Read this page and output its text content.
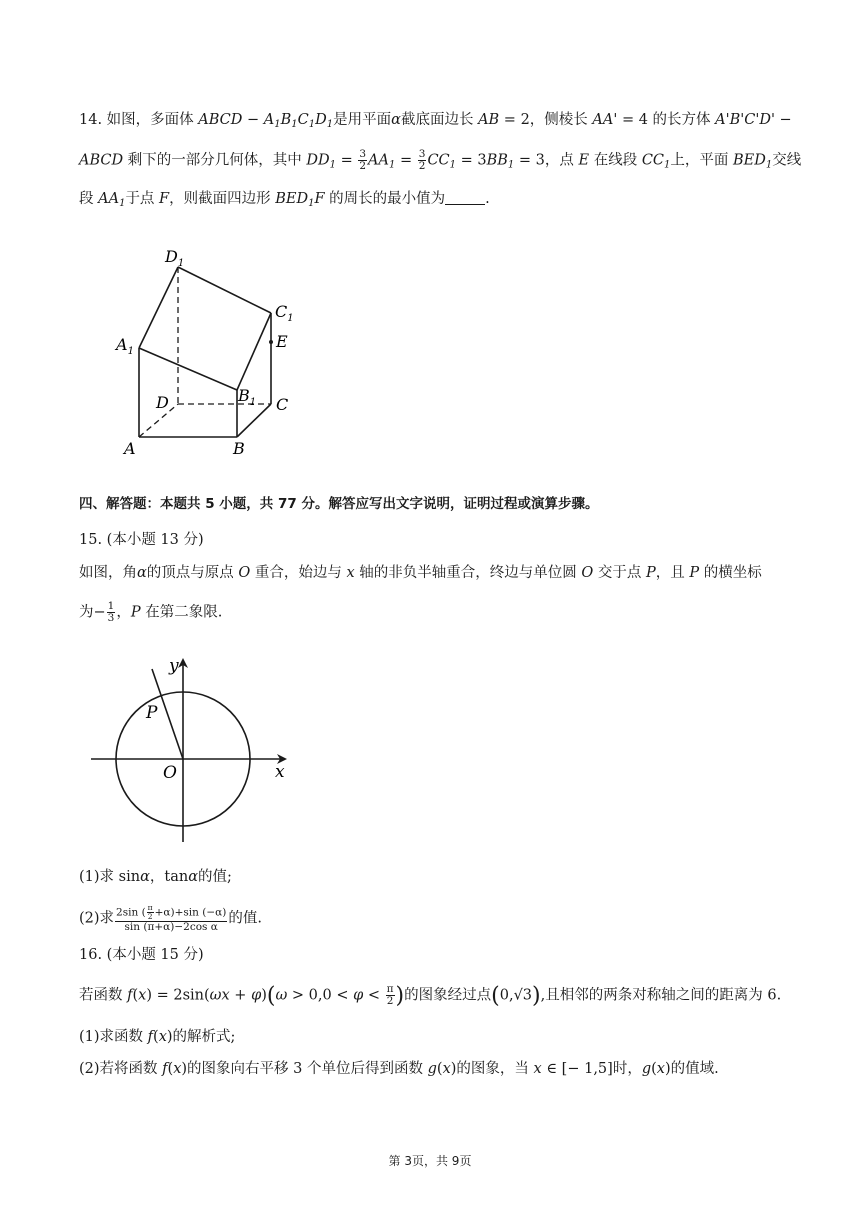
14. 如图，多面体 ABCD − $A_1B_1C_1D_1$是用平面α截底面边长 AB = 2，侧棱长 AA' = 4 的长方体 A'B'C'D' −
ABCD 剩下的一部分几何体，其中 $DD_1 = \frac{3}{2} AA_1 = \frac{3}{2} CC_1 = 3BB_1 = 3$，点 E 在线段 $CC_1$上，平面 $BED_1$交线
段 $AA_1$于点 F，则截面四边形 $BED_1F$ 的周长的最小值为	.
$D_1$
$C_1$
E
$A_1$
D	$B_1$ C
A	B
四、解答题：本题共 5 小题，共 77 分。解答应写出文字说明，证明过程或演算步骤。
15. (本小题 13 分)
如图，角α的顶点与原点 O 重合，始边与 x 轴的非负半轴重合，终边与单位圆 O 交于点 P，且 P 的横坐标
为− $\frac{1}{3}$ ，P 在第二象限.
y
P
O	x
(1)求 sinα，tanα的值;
(2)求 $\frac{2\sin ( \frac{\pi}{2} +\alpha)+\sin (-\alpha)}{\text{sin (π+α)−2cos α}}$ 的值.
16. (本小题 15 分)
若函数 $f(x) = 2\sin(\omega x + \varphi)(\omega > 0,0 < \varphi < \frac{\pi}{2}$ )的图象经过点(0,√3),且相邻的两条对称轴之间的距离为 6.
(1)求函数 f(x)的解析式;
(2)若将函数 f(x)的图象向右平移 3 个单位后得到函数 g(x)的图象，当 x ∈ [− 1,5]时，g(x)的值域.
第 3页，共 9页
